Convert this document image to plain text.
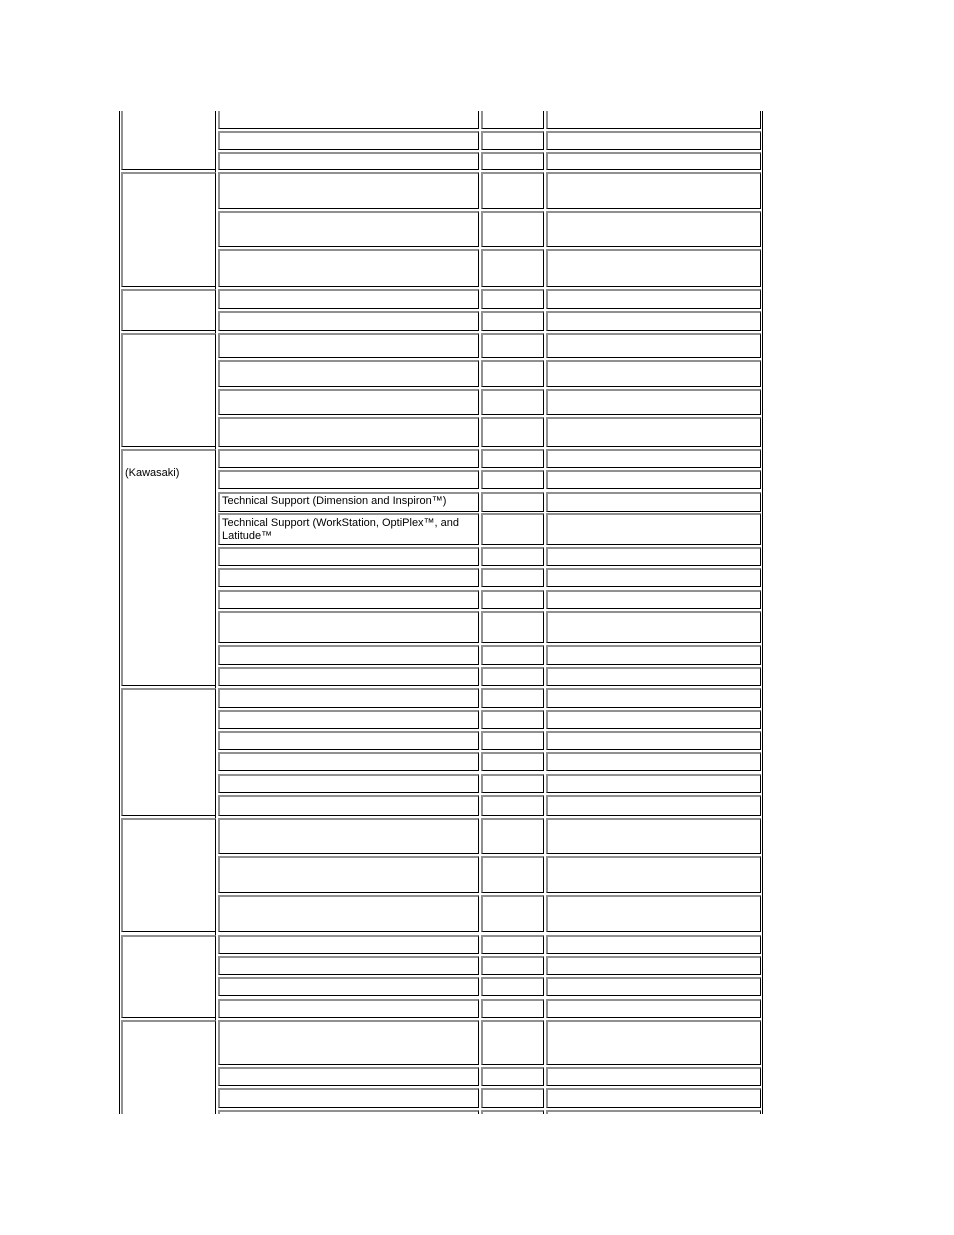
(Kawasaki)
Technical Support (Dimension and Inspiron™)
Technical Support (WorkStation, OptiPlex™, and Latitude™
